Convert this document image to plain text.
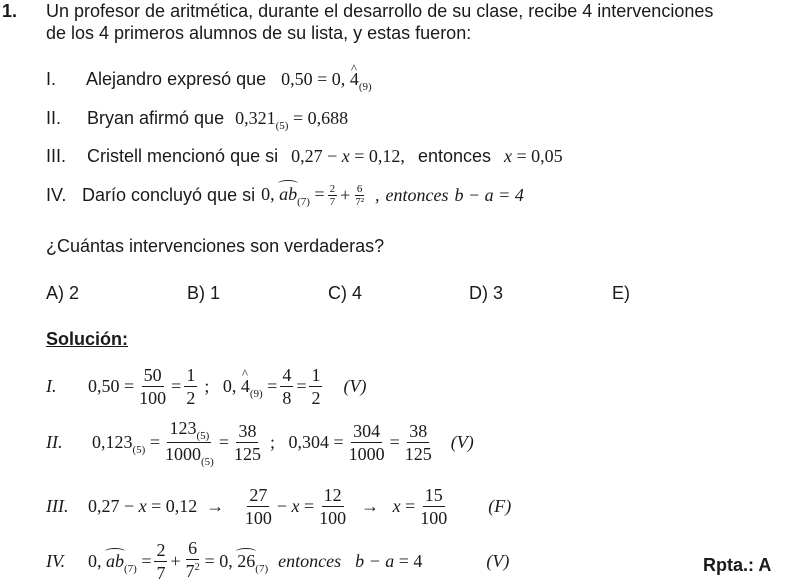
1. Un profesor de aritmética, durante el desarrollo de su clase, recibe 4 intervenciones
de los 4 primeros alumnos de su lista, y estas fueron:
I. Alejandro expresó que 0,50 = 0, ^ $4_{(9)}$
II. Bryan afirmó que $0,321_{(5)} = 0,688$
III. Cristell mencionó que si 0,27 − x = 0,12, entonces x = 0,05
IV. Darío concluyó que si 0, $ab_{(7)} = \frac{2}{7} + \frac{6}{\text{7²}}$ , entonces b − a = 4
¿Cuántas intervenciones son verdaderas?
A) 2	B) 1	C) 4	D) 3	E)
Solución:
I.	$0,50 = \frac{50}{100} = \frac{1}{2}$ ;   0, ^ $4_{(9)} = \frac{4}{8} = \frac{1}{2} (V)$
II.	$0,123_{(5)} = \frac{123_{(5)}}{1000_{(5)}} = \frac{38}{125}$ ;   $0,304 = \frac{304}{1000} = \frac{38}{125} (V)$
III.	$0,27 - x = 0,12 \to \frac{27}{100} - x = \frac{12}{100} \to x = \frac{15}{100} (F)$
IV.	0, $ab_{(7)} = \frac{2}{7} + \frac{6}{7^2} = 0$, $26_{(7)}$ entonces b − a = 4	(V)	Rpta.: A
